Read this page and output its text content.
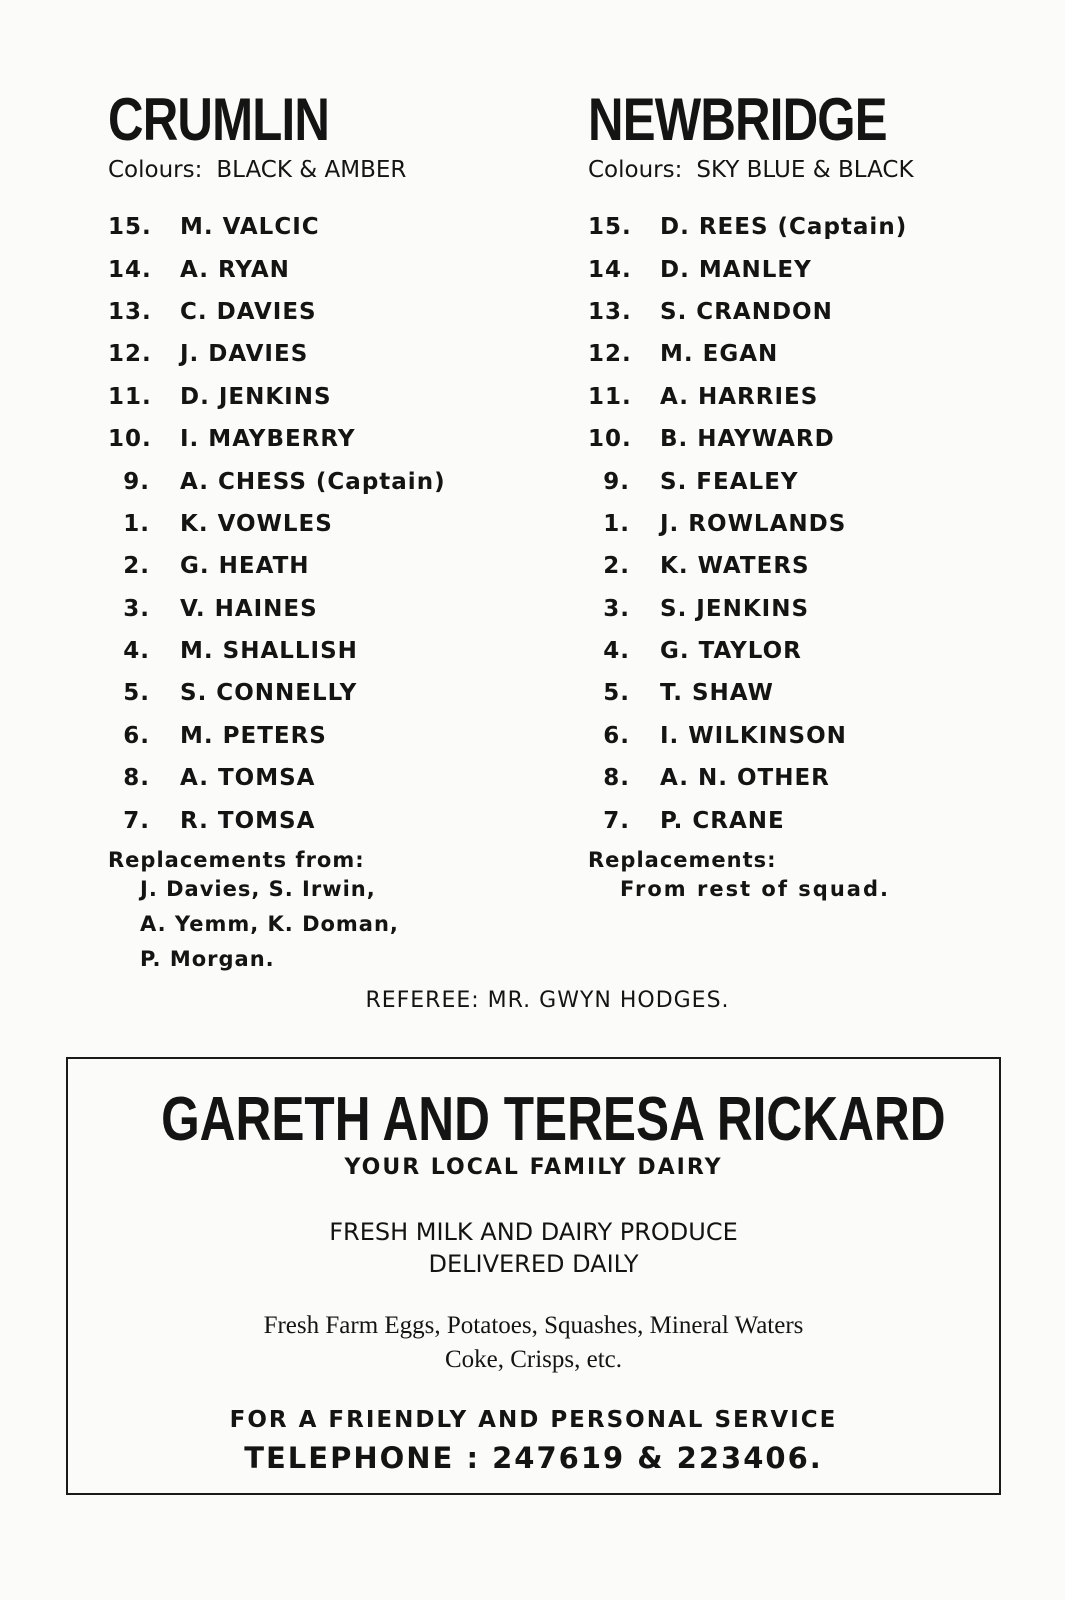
CRUMLIN
Colours: BLACK & AMBER
15. M. VALCIC
14. A. RYAN
13. C. DAVIES
12. J. DAVIES
11. D. JENKINS
10. I. MAYBERRY
9. A. CHESS (Captain)
1. K. VOWLES
2. G. HEATH
3. V. HAINES
4. M. SHALLISH
5. S. CONNELLY
6. M. PETERS
8. A. TOMSA
7. R. TOMSA
Replacements from:
J. Davies, S. Irwin,
A. Yemm, K. Doman,
P. Morgan.
NEWBRIDGE
Colours: SKY BLUE & BLACK
15. D. REES (Captain)
14. D. MANLEY
13. S. CRANDON
12. M. EGAN
11. A. HARRIES
10. B. HAYWARD
9. S. FEALEY
1. J. ROWLANDS
2. K. WATERS
3. S. JENKINS
4. G. TAYLOR
5. T. SHAW
6. I. WILKINSON
8. A. N. OTHER
7. P. CRANE
Replacements:
From rest of squad.
REFEREE: MR. GWYN HODGES.
GARETH AND TERESA RICKARD
YOUR LOCAL FAMILY DAIRY
FRESH MILK AND DAIRY PRODUCE
DELIVERED DAILY
Fresh Farm Eggs, Potatoes, Squashes, Mineral Waters
Coke, Crisps, etc.
FOR A FRIENDLY AND PERSONAL SERVICE
TELEPHONE : 247619 & 223406.
